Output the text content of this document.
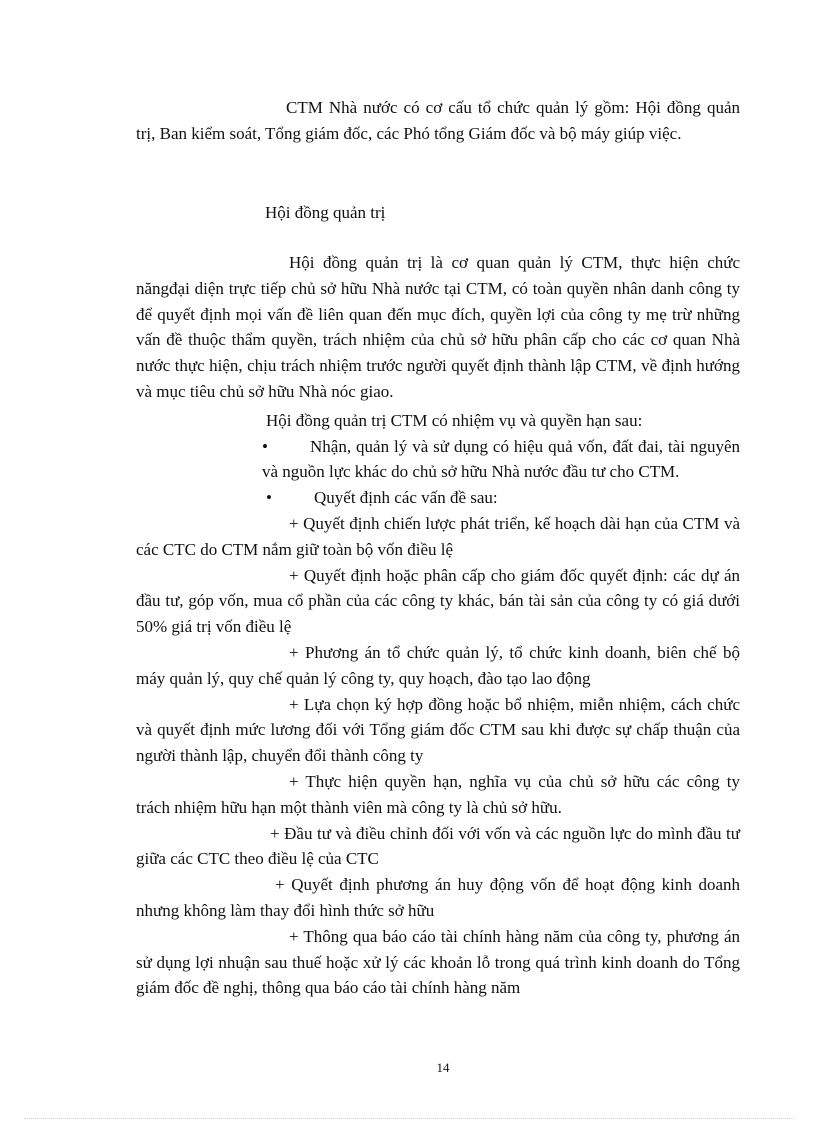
CTM Nhà nước có cơ cấu tổ chức quản lý gồm: Hội đồng quản trị, Ban kiểm soát, Tổng giám đốc, các Phó tổng Giám đốc và bộ máy giúp việc.

Hội đồng quản trị

Hội đồng quản trị là cơ quan quản lý CTM, thực hiện chức năngđại diện trực tiếp chủ sở hữu Nhà nước tại CTM, có toàn quyền nhân danh công ty để quyết định mọi vấn đề liên quan đến mục đích, quyền lợi của công ty mẹ trừ những vấn đề thuộc thẩm quyền, trách nhiệm của chủ sở hữu phân cấp cho các cơ quan Nhà nước thực hiện, chịu trách nhiệm trước người quyết định thành lập CTM, về định hướng và mục tiêu chủ sở hữu Nhà nóc giao.

Hội đồng quản trị CTM có nhiệm vụ và quyền hạn sau:

• Nhận, quản lý và sử dụng có hiệu quả vốn, đất đai, tài nguyên và nguồn lực khác do chủ sở hữu Nhà nước đầu tư cho CTM.

• Quyết định các vấn đề sau:

+ Quyết định chiến lược phát triển, kế hoạch dài hạn của CTM và các CTC do CTM nắm giữ toàn bộ vốn điều lệ

+ Quyết định hoặc phân cấp cho giám đốc quyết định: các dự án đầu tư, góp vốn, mua cổ phần của các công ty khác, bán tài sản của công ty có giá dưới 50% giá trị vốn điều lệ

+ Phương án tổ chức quản lý, tổ chức kinh doanh, biên chế bộ máy quản lý, quy chế quản lý công ty, quy hoạch, đào tạo lao động

+ Lựa chọn ký hợp đồng hoặc bổ nhiệm, miễn nhiệm, cách chức và quyết định mức lương đối với Tổng giám đốc CTM sau khi được sự chấp thuận của người thành lập, chuyển đổi thành công ty

+ Thực hiện quyền hạn, nghĩa vụ của chủ sở hữu các công ty trách nhiệm hữu hạn một thành viên mà công ty là chủ sở hữu.

+ Đầu tư và điều chỉnh đối với vốn và các nguồn lực do mình đầu tư giữa các CTC theo điều lệ của CTC

+ Quyết định phương án huy động vốn để hoạt động kinh doanh nhưng không làm thay đổi hình thức sở hữu

+ Thông qua báo cáo tài chính hàng năm của công ty, phương án sử dụng lợi nhuận sau thuế hoặc xử lý các khoản lỗ trong quá trình kinh doanh do Tổng giám đốc đề nghị, thông qua báo cáo tài chính hàng năm

14
